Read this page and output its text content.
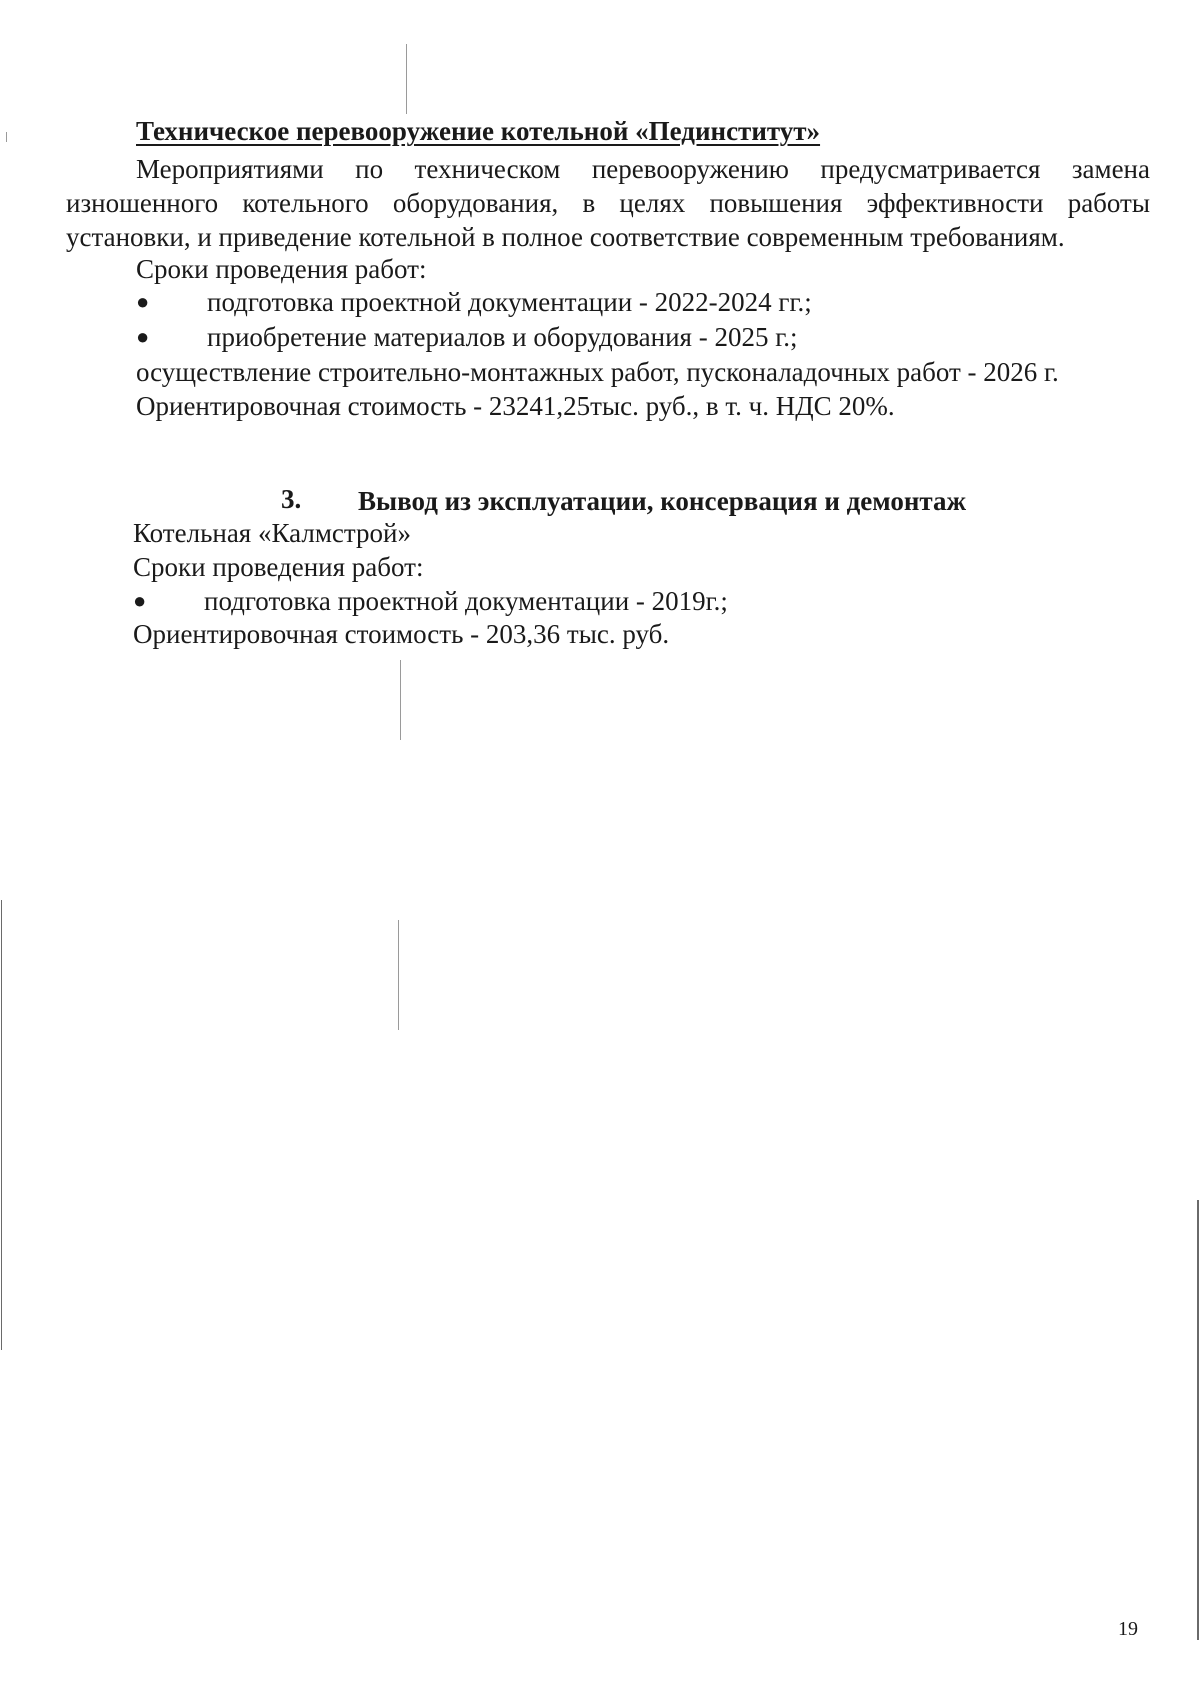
Техническое перевооружение котельной «Пединститут»
Мероприятиями по техническом перевооружению предусматривается замена
изношенного котельного оборудования, в целях повышения эффективности работы
установки, и приведение котельной в полное соответствие современным требованиям.
Сроки проведения работ:
● подготовка проектной документации - 2022-2024 гг.;
● приобретение материалов и оборудования - 2025 г.;
осуществление строительно-монтажных работ, пусконаладочных работ - 2026 г.
Ориентировочная стоимость - 23241,25тыс. руб., в т. ч. НДС 20%.
3. Вывод из эксплуатации, консервация и демонтаж
Котельная «Калмстрой»
Сроки проведения работ:
● подготовка проектной документации - 2019г.;
Ориентировочная стоимость - 203,36 тыс. руб.
19
